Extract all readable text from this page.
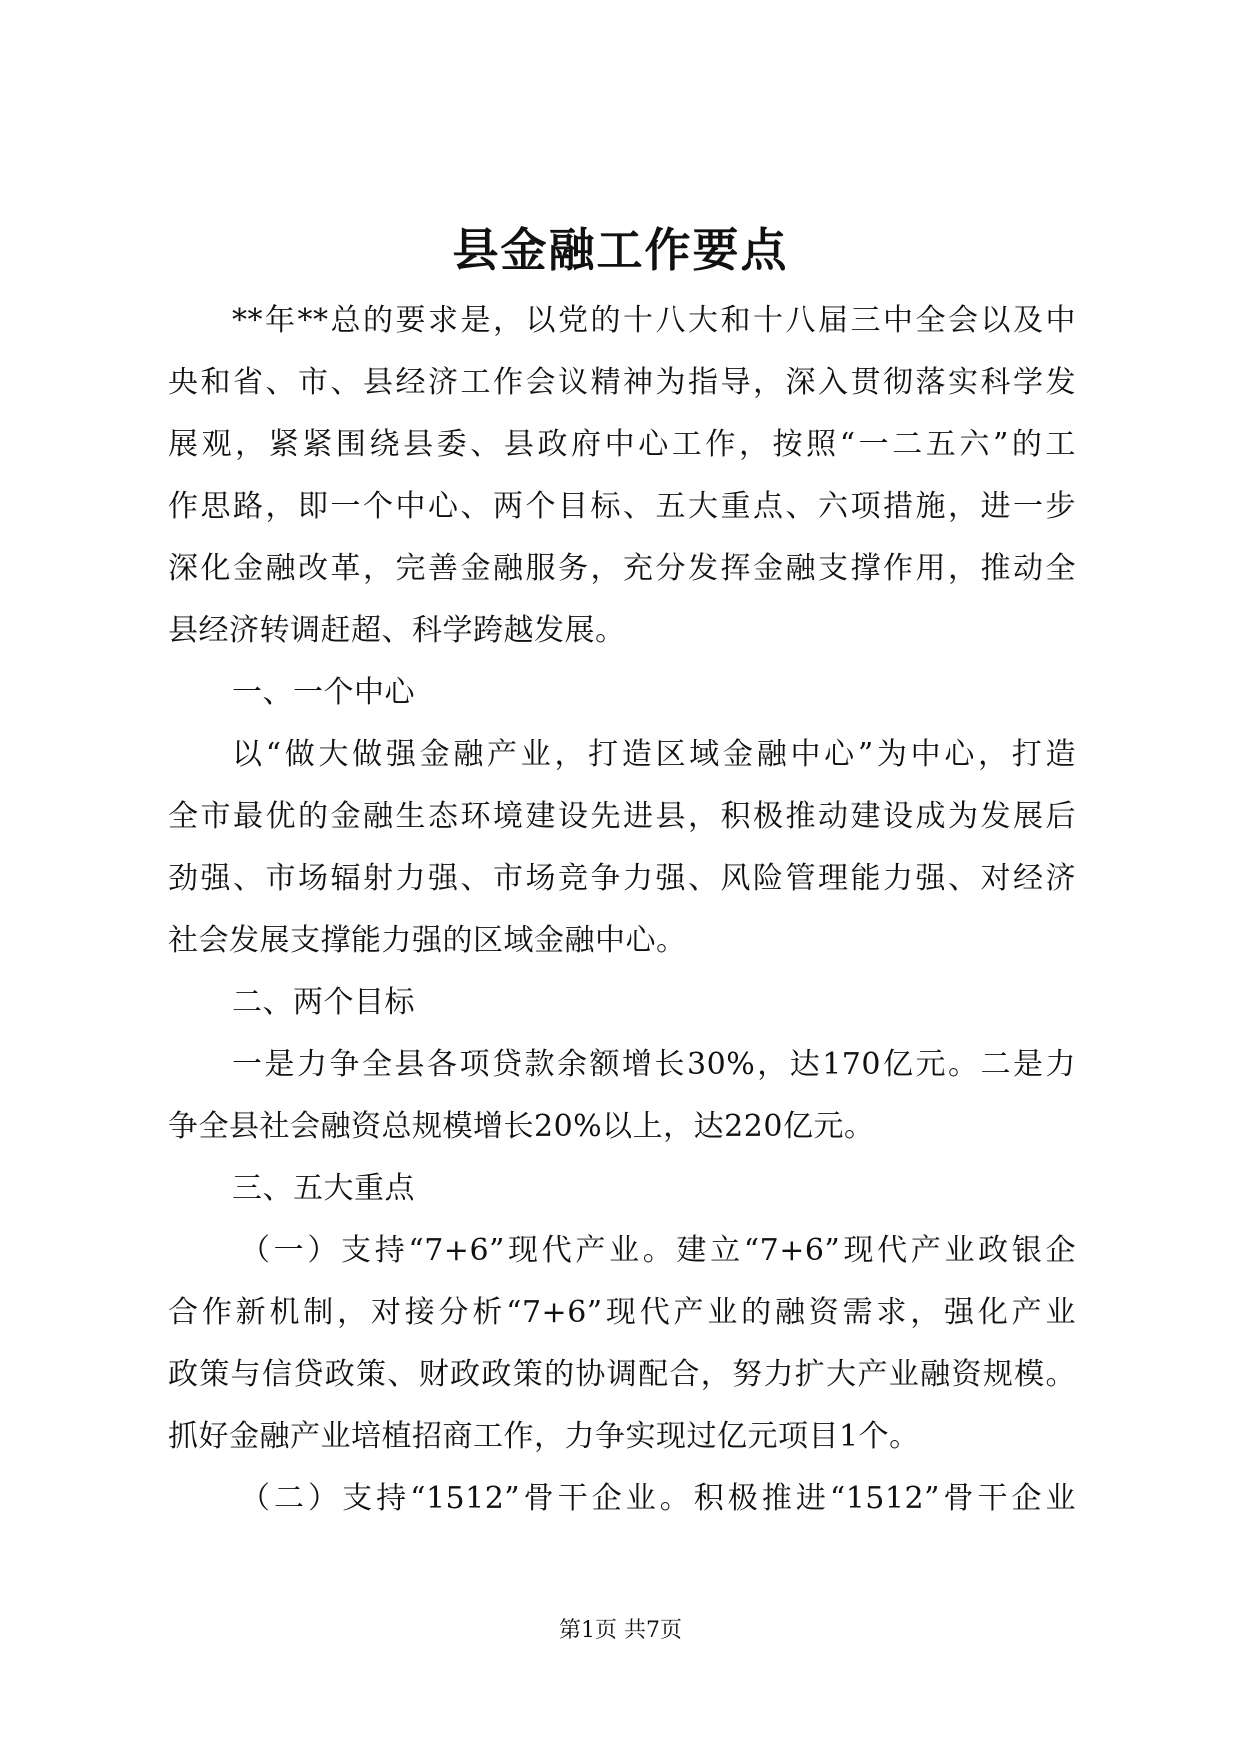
县金融工作要点
**年**总的要求是，以党的十八大和十八届三中全会以及中
央和省、市、县经济工作会议精神为指导，深入贯彻落实科学发
展观，紧紧围绕县委、县政府中心工作，按照“一二五六”的工
作思路，即一个中心、两个目标、五大重点、六项措施，进一步
深化金融改革，完善金融服务，充分发挥金融支撑作用，推动全
县经济转调赶超、科学跨越发展。
一、一个中心
以“做大做强金融产业，打造区域金融中心”为中心，打造
全市最优的金融生态环境建设先进县，积极推动建设成为发展后
劲强、市场辐射力强、市场竞争力强、风险管理能力强、对经济
社会发展支撑能力强的区域金融中心。
二、两个目标
一是力争全县各项贷款余额增长30%，达170亿元。二是力
争全县社会融资总规模增长20%以上，达220亿元。
三、五大重点
（一）支持“7+6”现代产业。建立“7+6”现代产业政银企
合作新机制，对接分析“7+6”现代产业的融资需求，强化产业
政策与信贷政策、财政政策的协调配合，努力扩大产业融资规模。
抓好金融产业培植招商工作，力争实现过亿元项目1个。
（二）支持“1512”骨干企业。积极推进“1512”骨干企业
第1页 共7页
